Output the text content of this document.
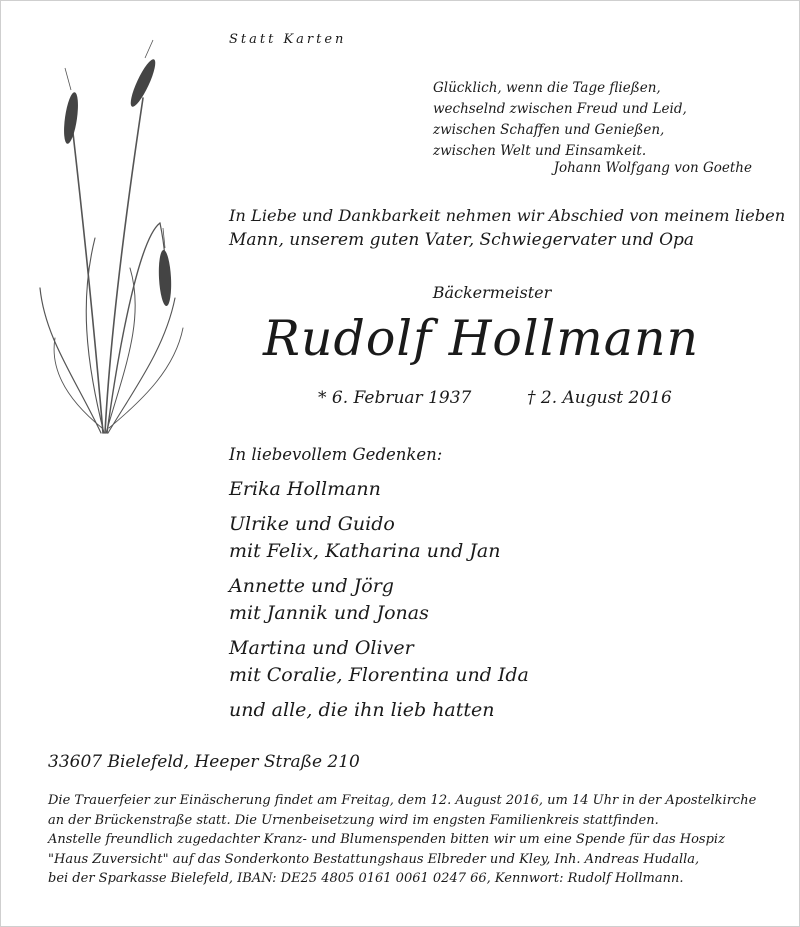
Statt Karten
Glücklich, wenn die Tage fließen,
wechselnd zwischen Freud und Leid,
zwischen Schaffen und Genießen,
zwischen Welt und Einsamkeit.
Johann Wolfgang von Goethe
In Liebe und Dankbarkeit nehmen wir Abschied von meinem lieben
Mann, unserem guten Vater, Schwiegervater und Opa
Bäckermeister
Rudolf Hollmann
* 6. Februar 1937	† 2. August 2016
In liebevollem Gedenken:
Erika Hollmann
Ulrike und Guido
mit Felix, Katharina und Jan
Annette und Jörg
mit Jannik und Jonas
Martina und Oliver
mit Coralie, Florentina und Ida
und alle, die ihn lieb hatten
33607 Bielefeld, Heeper Straße 210
Die Trauerfeier zur Einäscherung findet am Freitag, dem 12. August 2016, um 14 Uhr in der Apostelkirche
an der Brückenstraße statt. Die Urnenbeisetzung wird im engsten Familienkreis stattfinden.
Anstelle freundlich zugedachter Kranz- und Blumenspenden bitten wir um eine Spende für das Hospiz
"Haus Zuversicht" auf das Sonderkonto Bestattungshaus Elbreder und Kley, Inh. Andreas Hudalla,
bei der Sparkasse Bielefeld, IBAN: DE25 4805 0161 0061 0247 66, Kennwort: Rudolf Hollmann.
